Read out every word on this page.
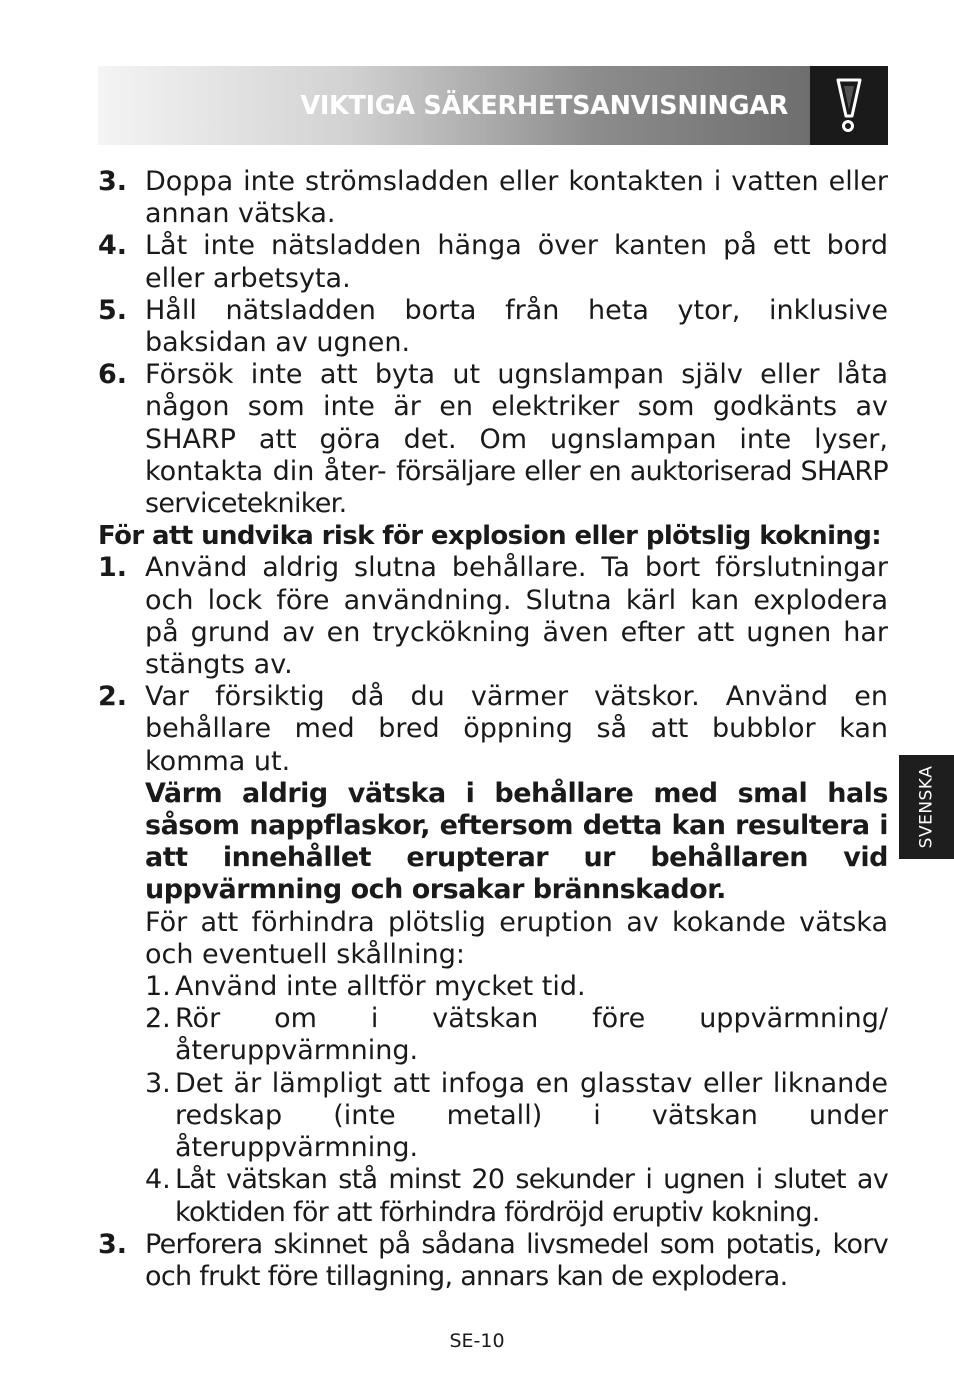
VIKTIGA SÄKERHETSANVISNINGAR
3. Doppa inte strömsladden eller kontakten i vatten eller annan vätska.
4. Låt inte nätsladden hänga över kanten på ett bord eller arbetsyta.
5. Håll nätsladden borta från heta ytor, inklusive baksidan av ugnen.
6. Försök inte att byta ut ugnslampan själv eller låta någon som inte är en elektriker som godkänts av SHARP att göra det. Om ugnslampan inte lyser, kontakta din åter- försäljare eller en auktoriserad SHARP servicetekniker.
För att undvika risk för explosion eller plötslig kokning:
1. Använd aldrig slutna behållare. Ta bort förslutningar och lock före användning. Slutna kärl kan explodera på grund av en tryckökning även efter att ugnen har stängts av.
2. Var försiktig då du värmer vätskor. Använd en behållare med bred öppning så att bubblor kan komma ut.
Värm aldrig vätska i behållare med smal hals såsom nappflaskor, eftersom detta kan resultera i att innehållet erupterar ur behållaren vid uppvärmning och orsakar brännskador.
För att förhindra plötslig eruption av kokande vätska och eventuell skållning:
1. Använd inte alltför mycket tid.
2. Rör om i vätskan före uppvärmning/återuppvärmning.
3. Det är lämpligt att infoga en glasstav eller liknande redskap (inte metall) i vätskan under återuppvärmning.
4. Låt vätskan stå minst 20 sekunder i ugnen i slutet av koktiden för att förhindra fördröjd eruptiv kokning.
3. Perforera skinnet på sådana livsmedel som potatis, korv och frukt före tillagning, annars kan de explodera.
SVENSKA
SE-10
